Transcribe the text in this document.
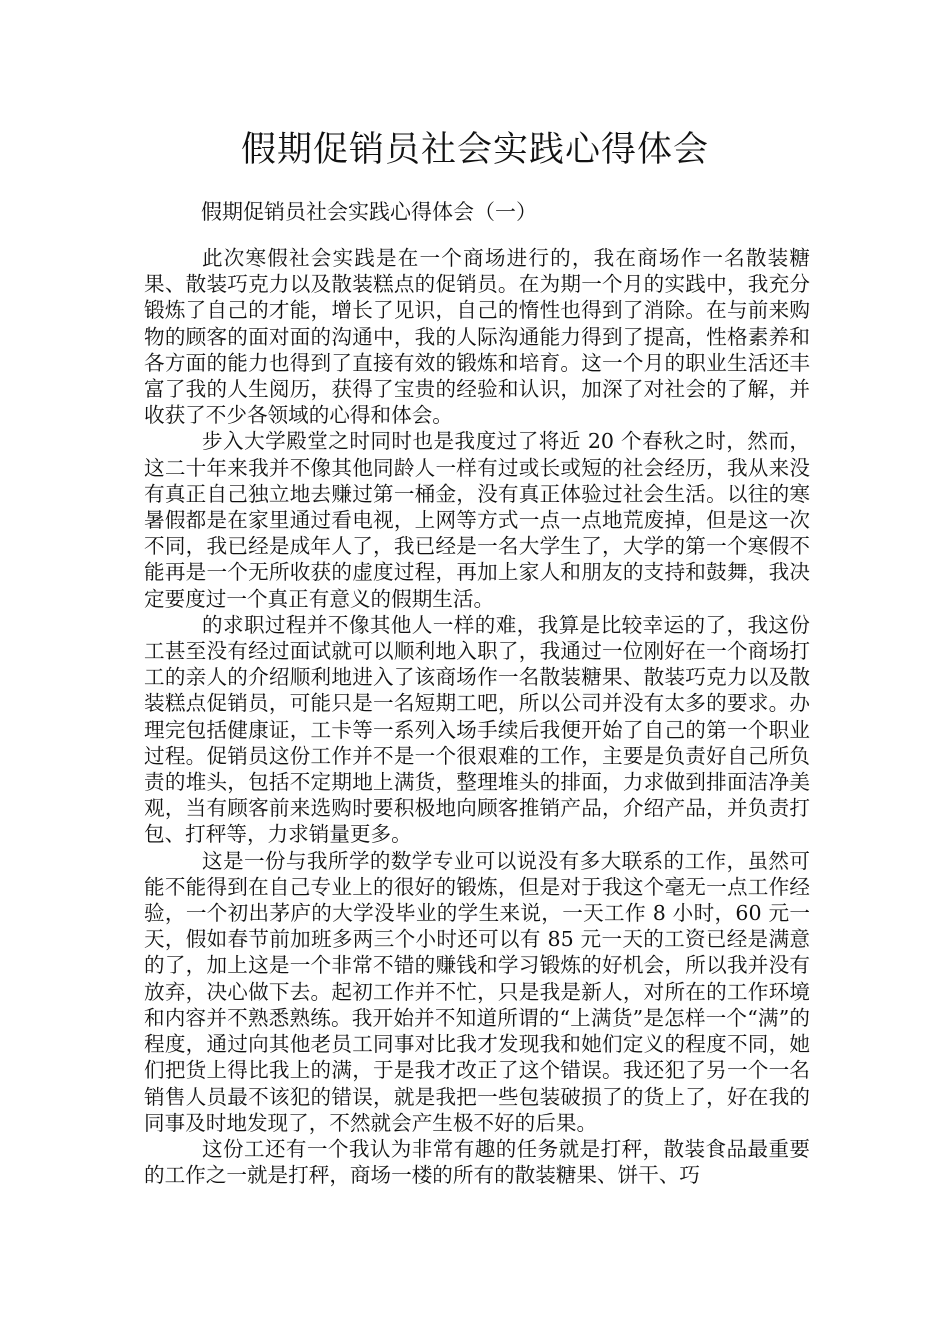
假期促销员社会实践心得体会

假期促销员社会实践心得体会（一）

此次寒假社会实践是在一个商场进行的，我在商场作一名散装糖果、散装巧克力以及散装糕点的促销员。在为期一个月的实践中，我充分锻炼了自己的才能，增长了见识，自己的惰性也得到了消除。在与前来购物的顾客的面对面的沟通中，我的人际沟通能力得到了提高，性格素养和各方面的能力也得到了直接有效的锻炼和培育。这一个月的职业生活还丰富了我的人生阅历，获得了宝贵的经验和认识，加深了对社会的了解，并收获了不少各领域的心得和体会。

步入大学殿堂之时同时也是我度过了将近 20 个春秋之时，然而，这二十年来我并不像其他同龄人一样有过或长或短的社会经历，我从来没有真正自己独立地去赚过第一桶金，没有真正体验过社会生活。以往的寒暑假都是在家里通过看电视，上网等方式一点一点地荒废掉，但是这一次不同，我已经是成年人了，我已经是一名大学生了，大学的第一个寒假不能再是一个无所收获的虚度过程，再加上家人和朋友的支持和鼓舞，我决定要度过一个真正有意义的假期生活。

的求职过程并不像其他人一样的难，我算是比较幸运的了，我这份工甚至没有经过面试就可以顺利地入职了，我通过一位刚好在一个商场打工的亲人的介绍顺利地进入了该商场作一名散装糖果、散装巧克力以及散装糕点促销员，可能只是一名短期工吧，所以公司并没有太多的要求。办理完包括健康证，工卡等一系列入场手续后我便开始了自己的第一个职业过程。促销员这份工作并不是一个很艰难的工作，主要是负责好自己所负责的堆头，包括不定期地上满货，整理堆头的排面，力求做到排面洁净美观，当有顾客前来选购时要积极地向顾客推销产品，介绍产品，并负责打包、打秤等，力求销量更多。

这是一份与我所学的数学专业可以说没有多大联系的工作，虽然可能不能得到在自己专业上的很好的锻炼，但是对于我这个毫无一点工作经验，一个初出茅庐的大学没毕业的学生来说，一天工作 8 小时，60 元一天，假如春节前加班多两三个小时还可以有 85 元一天的工资已经是满意的了，加上这是一个非常不错的赚钱和学习锻炼的好机会，所以我并没有放弃，决心做下去。起初工作并不忙，只是我是新人，对所在的工作环境和内容并不熟悉熟练。我开始并不知道所谓的“上满货”是怎样一个“满”的程度，通过向其他老员工同事对比我才发现我和她们定义的程度不同，她们把货上得比我上的满，于是我才改正了这个错误。我还犯了另一个一名销售人员最不该犯的错误，就是我把一些包装破损了的货上了，好在我的同事及时地发现了，不然就会产生极不好的后果。

这份工还有一个我认为非常有趣的任务就是打秤，散装食品最重要的工作之一就是打秤，商场一楼的所有的散装糖果、饼干、巧
